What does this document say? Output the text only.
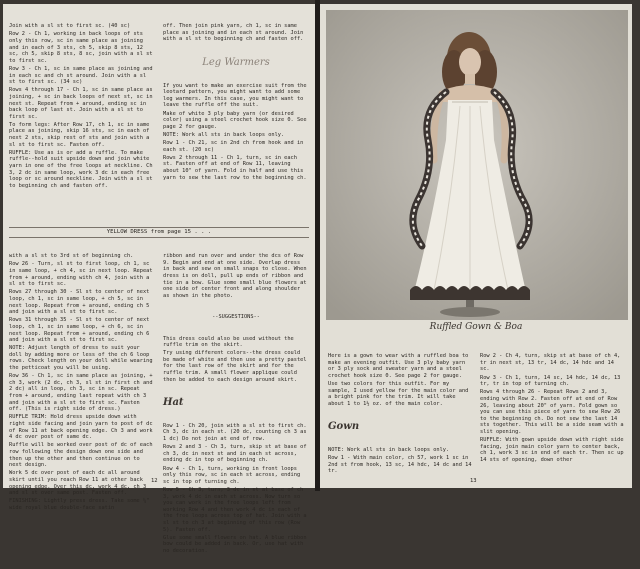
Join with a sl st to first sc. (40 sc)

Row 2 - Ch 1, working in back loops of sts only this row, sc in same place as joining and in each of 3 sts, ch 5, skip 8 sts, 12 sc, ch 5, skip 8 sts, 8 sc, join with a sl st to first sc.

Row 3 - Ch 1, sc in same place as joining and in each sc and ch st around. Join with a sl st to first sc. (34 sc)

Rows 4 through 17 - Ch 1, sc in same place as joining, + sc in back loops of next st, sc in next st. Repeat from + around, ending sc in back loop of last st. Join with a sl st to first sc.

To form legs: After Row 17, ch 1, sc in same place as joining, skip 16 sts, sc in each of next 2 sts, skip rest of sts and join with a sl st to first sc. Fasten off.

RUFFLE: Use as is or add a ruffle. To make ruffle--hold suit upside down and join white yarn in one of the free loops at neckline. Ch 3, 2 dc in same loop, work 3 dc in each free loop or sc around neckline. Join with a sl st to beginning ch and fasten off.

off. Then join pink yarn, ch 1, sc in same place as joining and in each st around. Join with a sl st to beginning ch and fasten off.

Leg Warmers

If you want to make an exercise suit from the leotard pattern, you might want to add some leg warmers. In this case, you might want to leave the ruffle off the suit.

Make of white 3 ply baby yarn (or desired color) using a steel crochet hook size 0. See page 2 for gauge.

NOTE: Work all sts in back loops only.

Row 1 - Ch 21, sc in 2nd ch from hook and in each st. (20 sc)

Rows 2 through 11 - Ch 1, turn, sc in each st. Fasten off at end of Row 11, leaving about 10" of yarn. Fold in half and use this yarn to sew the last row to the beginning ch.

YELLOW DRESS from page 15 . . .

with a sl st to 3rd st of beginning ch.

Row 26 - Turn, sl st to first loop, ch 1, sc in same loop, + ch 4, sc in next loop. Repeat from + around, ending with ch 4, join with a sl st to first sc.

Rows 27 through 30 - Sl st to center of next loop, ch 1, sc in same loop, + ch 5, sc in next loop. Repeat from + around, ending ch 5 and join with a sl st to first sc.

Rows 31 through 35 - Sl st to center of next loop, ch 1, sc in same loop, + ch 6, sc in next loop. Repeat from + around, ending ch 6 and join with a sl st to first sc.

NOTE: Adjust length of dress to suit your doll by adding more or less of the ch 6 loop rows. Check length on your doll while wearing the petticoat you will be using.

Row 36 - Ch 1, sc in same place as joining, + ch 3, work (2 dc, ch 3, sl st in first ch and 2 dc) all in loop, ch 3, sc in sc. Repeat from + around, ending last repeat with ch 3 and join with a sl st to first sc. Fasten off. (This is right side of dress.)

RUFFLE TRIM: Hold dress upside down with right side facing and join yarn to post of dc of Row 11 at back opening edge. Ch 3 and work 4 dc over post of same dc.

Ruffle will be worked over post of dc of each row following the design down one side and then up the other and then continue on to next design.

Work 5 dc over post of each dc all around skirt until you reach Row 11 at other back opening edge. Over this dc, work 4 dc, ch 3 and sl st over same post. Fasten off.

FINISHING: Lightly press dress. Take some ¼" wide royal blue double-face satin

ribbon and run over and under the dcs of Row 9. Begin and end at one side. Overlap dress in back and sew on small snaps to close. When dress is on doll, pull up ends of ribbon and tie in a bow. Glue some small blue flowers at one side of center front and along shoulder as shown in the photo.

--SUGGESTIONS--

This dress could also be used without the ruffle trim on the skirt.

Try using different colors--the dress could be made of white and then use a pretty pastel for the last row of the skirt and for the ruffle trim. A small flower applique could then be added to each design around skirt.

Hat

Row 1 - Ch 20, join with a sl st to first ch. Ch 3, dc in each st. (20 dc, counting ch 3 as 1 dc) Do not join at end of row.

Rows 2 and 3 - Ch 3, turn, skip st at base of ch 3, dc in next st and in each st across, ending dc in top of beginning ch.

Row 4 - Ch 1, turn, working in front loops only this row, sc in each st across, ending sc in top of turning ch.

Row 5 - Ch 3, turn, 3 dc in st at base of ch 3, work 4 dc in each st across. Now turn so you can work in the free loops left from working Row 4 and then work 4 dc in each of the free loops across top of hat. Join with a sl st to ch 3 at beginning of this row (Row 5). Fasten off.

Glue some small flowers on hat. A blue ribbon bow could be added in back. Or, use hat with no decoration.

12
Ruffled Gown & Boa

Here is a gown to wear with a ruffled boa to make an evening outfit. Use 3 ply baby yarn or 3 ply sock and sweater yarn and a steel crochet hook size 0. See page 2 for gauge.

Use two colors for this outfit. For my sample, I used yellow for the main color and a bright pink for the trim. It will take about 1 to 1½ oz. of the main color.

Gown

NOTE: Work all sts in back loops only.

Row 1 - With main color, ch 57, work 1 sc in 2nd st from hook, 13 sc, 14 hdc, 14 dc and 14 tr.

Row 2 - Ch 4, turn, skip st at base of ch 4, tr in next st, 13 tr, 14 dc, 14 hdc and 14 sc.

Row 3 - Ch 1, turn, 14 sc, 14 hdc, 14 dc, 13 tr, tr in top of turning ch.

Rows 4 through 26 - Repeat Rows 2 and 3, ending with Row 2. Fasten off at end of Row 26, leaving about 20" of yarn. Fold gown so you can use this piece of yarn to sew Row 26 to the beginning ch. Do not sew the last 14 sts together. This will be a side seam with a slit opening.

RUFFLE: With gown upside down with right side facing, join main color yarn to center back, ch 1, work 3 sc in end of each tr. Then sc up 14 sts of opening, down other

13
